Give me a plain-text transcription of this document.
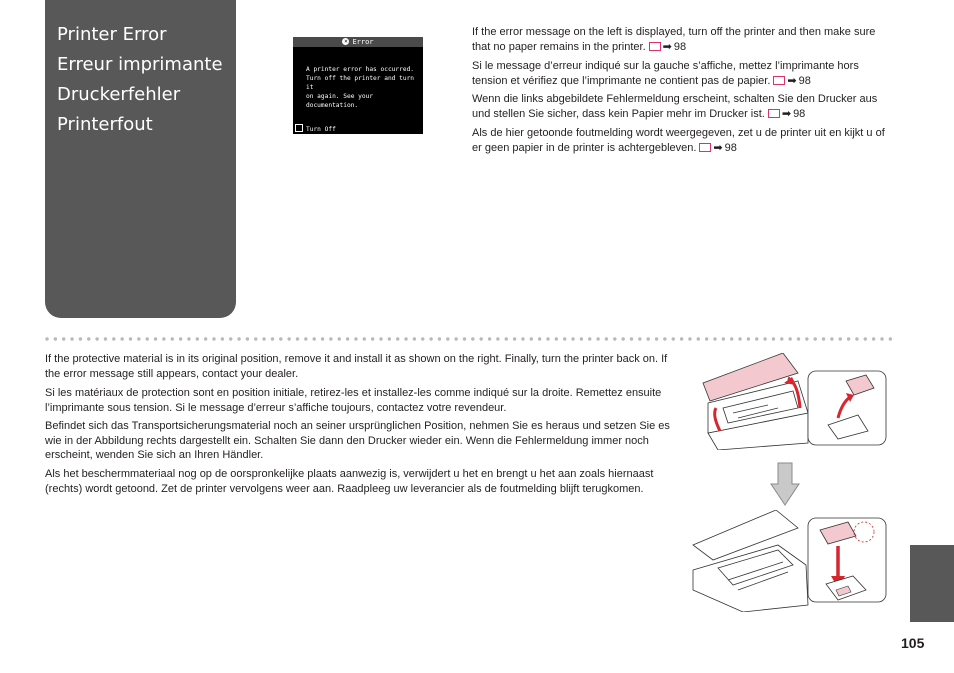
Printer Error
Erreur imprimante
Druckerfehler
Printerfout
× Error
A printer error has occurred.
Turn off the printer and turn it
on again. See your
documentation.
Turn Off

If the error message on the left is displayed, turn off the printer and then make sure that no paper remains in the printer. ➡ 98

Si le message d’erreur indiqué sur la gauche s’affiche, mettez l’imprimante hors tension et vérifiez que l’imprimante ne contient pas de papier. ➡ 98

Wenn die links abgebildete Fehlermeldung erscheint, schalten Sie den Drucker aus und stellen Sie sicher, dass kein Papier mehr im Drucker ist. ➡ 98

Als de hier getoonde foutmelding wordt weergegeven, zet u de printer uit en kijkt u of er geen papier in de printer is achtergebleven. ➡ 98

If the protective material is in its original position, remove it and install it as shown on the right. Finally, turn the printer back on. If the error message still appears, contact your dealer.

Si les matériaux de protection sont en position initiale, retirez-les et installez-les comme indiqué sur la droite. Remettez ensuite l’imprimante sous tension. Si le message d’erreur s’affiche toujours, contactez votre revendeur.

Befindet sich das Transportsicherungsmaterial noch an seiner ursprünglichen Position, nehmen Sie es heraus und setzen Sie es wie in der Abbildung rechts dargestellt ein. Schalten Sie dann den Drucker wieder ein. Wenn die Fehlermeldung immer noch erscheint, wenden Sie sich an Ihren Händler.

Als het beschermmateriaal nog op de oorspronkelijke plaats aanwezig is, verwijdert u het en brengt u het aan zoals hiernaast (rechts) wordt getoond. Zet de printer vervolgens weer aan. Raadpleeg uw leverancier als de foutmelding blijft terugkomen.

105
